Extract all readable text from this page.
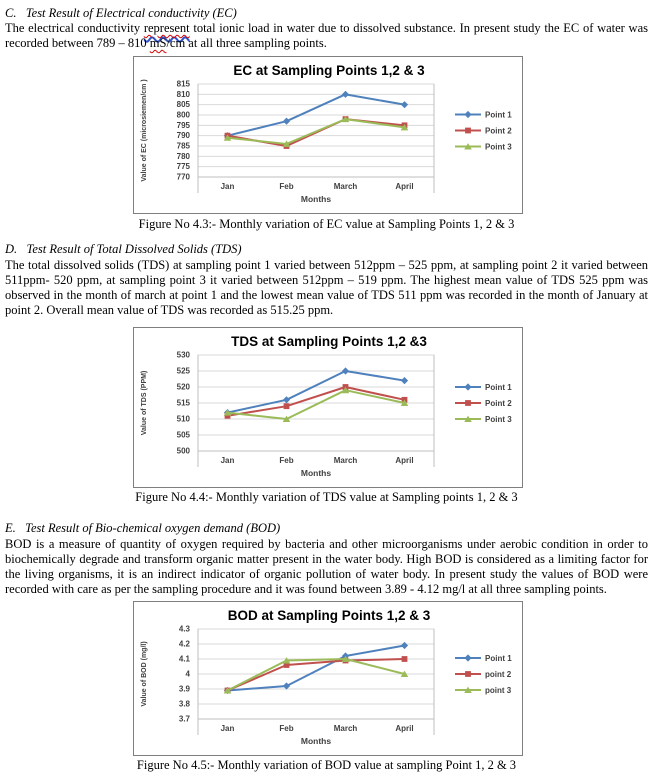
C.   Test Result of Electrical conductivity (EC)

The electrical conductivity represent total ionic load in water due to dissolved substance. In present study the EC of water was recorded between 789 – 810 mS/cm at all three sampling points.

EC at Sampling Points 1,2 & 3
770
775
780
785
790
795
800
805
810
815
Jan	Feb	March	April
Months
Value of EC (microsiemen/cm )	Point 1
Point 2
Point 3

Figure No 4.3:- Monthly variation of EC value at Sampling Points 1, 2 & 3

D.   Test Result of Total Dissolved Solids (TDS)

The total dissolved solids (TDS) at sampling point 1 varied between 512ppm – 525 ppm, at sampling point 2 it varied between 511ppm- 520 ppm, at sampling point 3 it varied between 512ppm – 519 ppm. The highest mean value of TDS 525 ppm was observed in the month of march at point 1 and the lowest mean value of TDS 511 ppm was recorded in the month of January at point 2. Overall mean value of TDS was recorded as 515.25 ppm.

TDS at Sampling Points 1,2 &3
500
505
510
515
520
525
530
Jan	Feb	March	April
Months
Value of TDS (PPM)	Point 1
Point 2
Point 3

Figure No 4.4:- Monthly variation of TDS value at Sampling points 1, 2 & 3

E.   Test Result of Bio-chemical oxygen demand (BOD)

BOD is a measure of quantity of oxygen required by bacteria and other microorganisms under aerobic condition in order to biochemically degrade and transform organic matter present in the water body. High BOD is considered as a limiting factor for the living organisms, it is an indirect indicator of organic pollution of water body. In present study the values of BOD were recorded with care as per the sampling procedure and it was found between 3.89 - 4.12 mg/l at all three sampling points.

BOD at Sampling Points 1,2 & 3
3.7
3.8
3.9
4
4.1
4.2
4.3
Jan	Feb	March	April
Months
Value of BOD (mg/l)	Point 1
point 2
point 3

Figure No 4.5:- Monthly variation of BOD value at sampling Point 1, 2 & 3
